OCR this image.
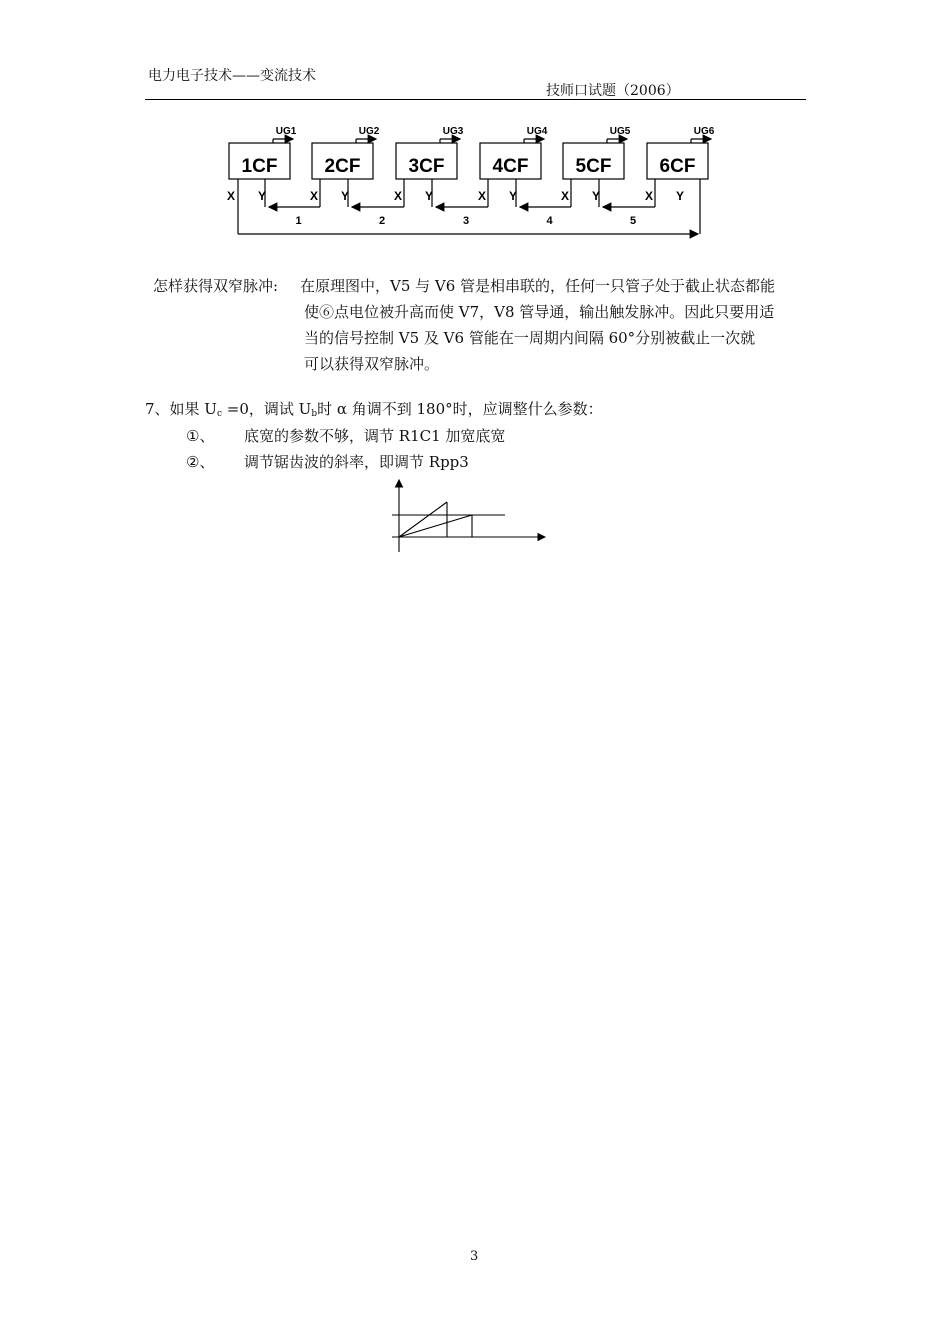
电力电子技术——变流技术
技师口试题（2006）
1CF
UG1
X Y
2CF
UG2
X Y
3CF
UG3
X Y
4CF
UG4
X Y
5CF
UG5
X Y
6CF
UG6
X Y
1	2	3	4	5
怎样获得双窄脉冲: 在原理图中，V5 与 V6 管是相串联的，任何一只管子处于截止状态都能
使⑥点电位被升高而使 V7，V8 管导通，输出触发脉冲。因此只要用适
当的信号控制 V5 及 V6 管能在一周期内间隔 60°分别被截止一次就
可以获得双窄脉冲。
7、如果 $U_c =0$，调试 $U_b$时 α 角调不到 180°时，应调整什么参数：
①、 底宽的参数不够，调节 R1C1 加宽底宽
②、 调节锯齿波的斜率，即调节 Rpp3
3
